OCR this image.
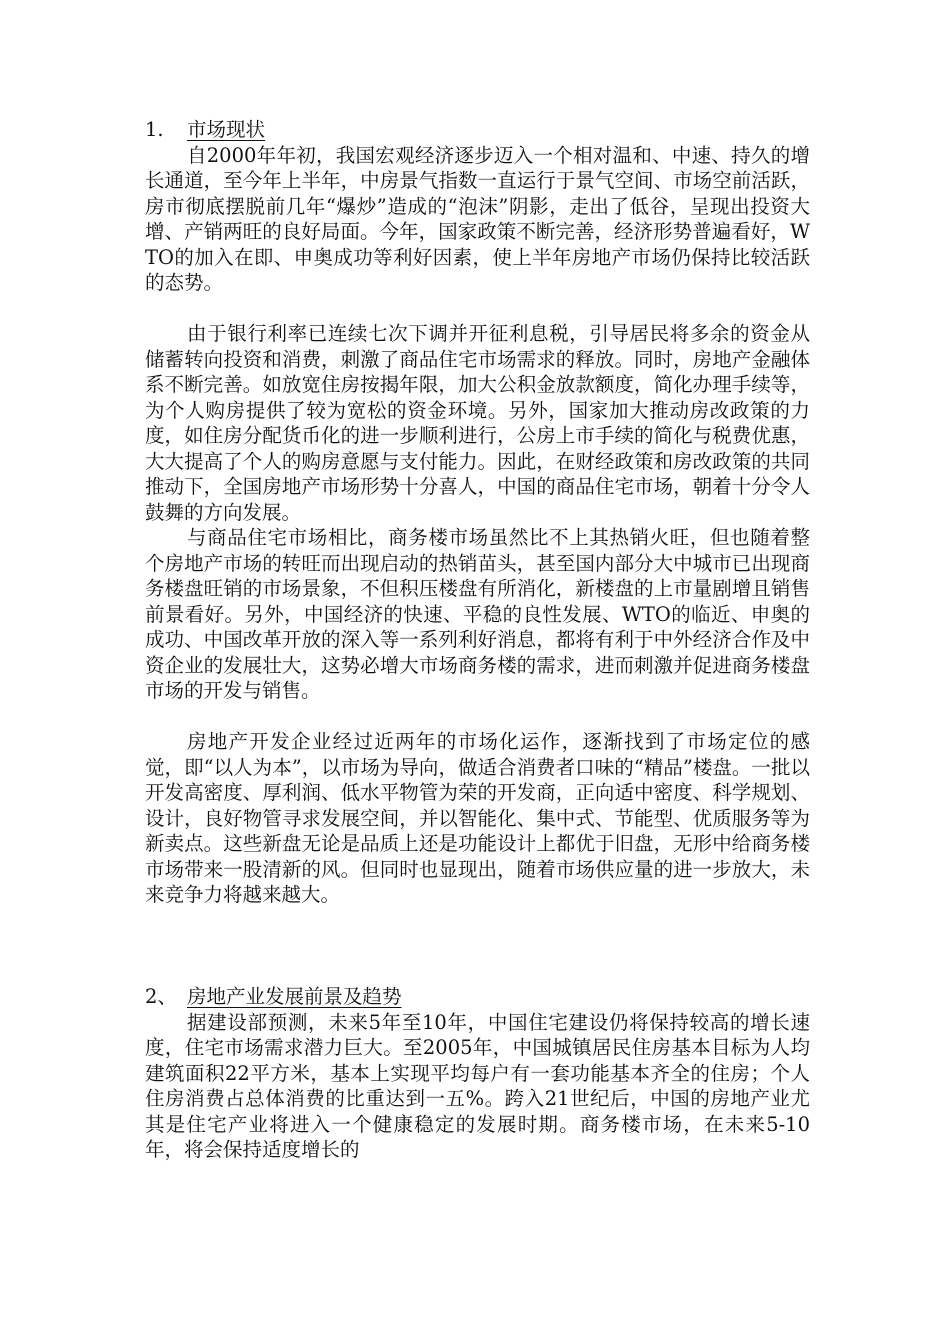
1.	市场现状

自2000年年初，我国宏观经济逐步迈入一个相对温和、中速、持久的增长通道，至今年上半年，中房景气指数一直运行于景气空间、市场空前活跃，房市彻底摆脱前几年“爆炒”造成的“泡沫”阴影，走出了低谷，呈现出投资大增、产销两旺的良好局面。今年，国家政策不断完善，经济形势普遍看好，WTO的加入在即、申奥成功等利好因素，使上半年房地产市场仍保持比较活跃的态势。

由于银行利率已连续七次下调并开征利息税，引导居民将多余的资金从储蓄转向投资和消费，刺激了商品住宅市场需求的释放。同时，房地产金融体系不断完善。如放宽住房按揭年限，加大公积金放款额度，简化办理手续等，为个人购房提供了较为宽松的资金环境。另外，国家加大推动房改政策的力度，如住房分配货币化的进一步顺利进行，公房上市手续的简化与税费优惠，大大提高了个人的购房意愿与支付能力。因此，在财经政策和房改政策的共同推动下，全国房地产市场形势十分喜人，中国的商品住宅市场，朝着十分令人鼓舞的方向发展。

与商品住宅市场相比，商务楼市场虽然比不上其热销火旺，但也随着整个房地产市场的转旺而出现启动的热销苗头，甚至国内部分大中城市已出现商务楼盘旺销的市场景象，不但积压楼盘有所消化，新楼盘的上市量剧增且销售前景看好。另外，中国经济的快速、平稳的良性发展、WTO的临近、申奥的成功、中国改革开放的深入等一系列利好消息，都将有利于中外经济合作及中资企业的发展壮大，这势必增大市场商务楼的需求，进而刺激并促进商务楼盘市场的开发与销售。

房地产开发企业经过近两年的市场化运作，逐渐找到了市场定位的感觉，即“以人为本”，以市场为导向，做适合消费者口味的“精品”楼盘。一批以开发高密度、厚利润、低水平物管为荣的开发商，正向适中密度、科学规划、设计，良好物管寻求发展空间，并以智能化、集中式、节能型、优质服务等为新卖点。这些新盘无论是品质上还是功能设计上都优于旧盘，无形中给商务楼市场带来一股清新的风。但同时也显现出，随着市场供应量的进一步放大，未来竞争力将越来越大。

2、 房地产业发展前景及趋势

据建设部预测，未来5年至10年，中国住宅建设仍将保持较高的增长速度，住宅市场需求潜力巨大。至2005年，中国城镇居民住房基本目标为人均建筑面积22平方米，基本上实现平均每户有一套功能基本齐全的住房；个人住房消费占总体消费的比重达到一五%。跨入21世纪后，中国的房地产业尤其是住宅产业将进入一个健康稳定的发展时期。商务楼市场，在未来5-10年，将会保持适度增长的
